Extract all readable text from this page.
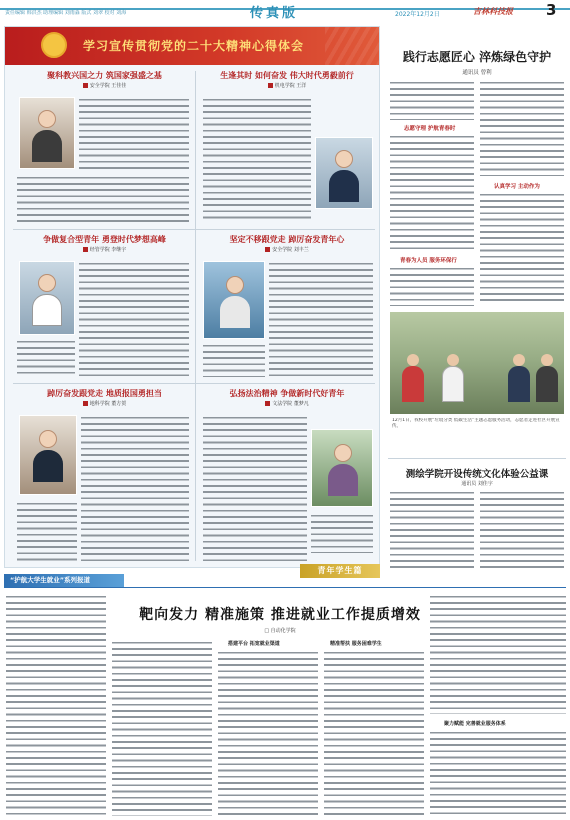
责任编辑 韩洪杰 助理编辑 刘雨淼 版式 刘翠 校对 刘海	传真版	2022年12月2日	吉林科技报 3
学习宣传贯彻党的二十大精神心得体会
聚科教兴国之力 筑国家强盛之基
安全学院 王佳佳
生逢其时 如何奋发 伟大时代勇毅前行
机电学院 王洋
争做复合型青年 勇登时代梦想高峰
经管学院 李继宇
坚定不移跟党走 踔厉奋发青年心
安全学院 刘丰兰
踔厉奋发跟党走 地质报国勇担当
地科学院 董方贺
弘扬法治精神 争做新时代好青年
文法学院 董梦凡
青年学生篇
践行志愿匠心 淬炼绿色守护
通讯员 曾利
志愿守理 护航青春时
认真学习 主动作为
青春为人员 服务环保行
12月1日，我校开展“垃圾分类 低碳生活”主题志愿服务活动，志愿者走进社区开展宣传。
测绘学院开设传统文化体验公益课
通讯员 刘佳宇
“护航大学生就业”系列报道
靶向发力 精准施策 推进就业工作提质增效
□ 自动化学院
搭建平台 拓宽就业渠道	精准帮扶 服务困难学生
聚力赋能 完善就业服务体系
